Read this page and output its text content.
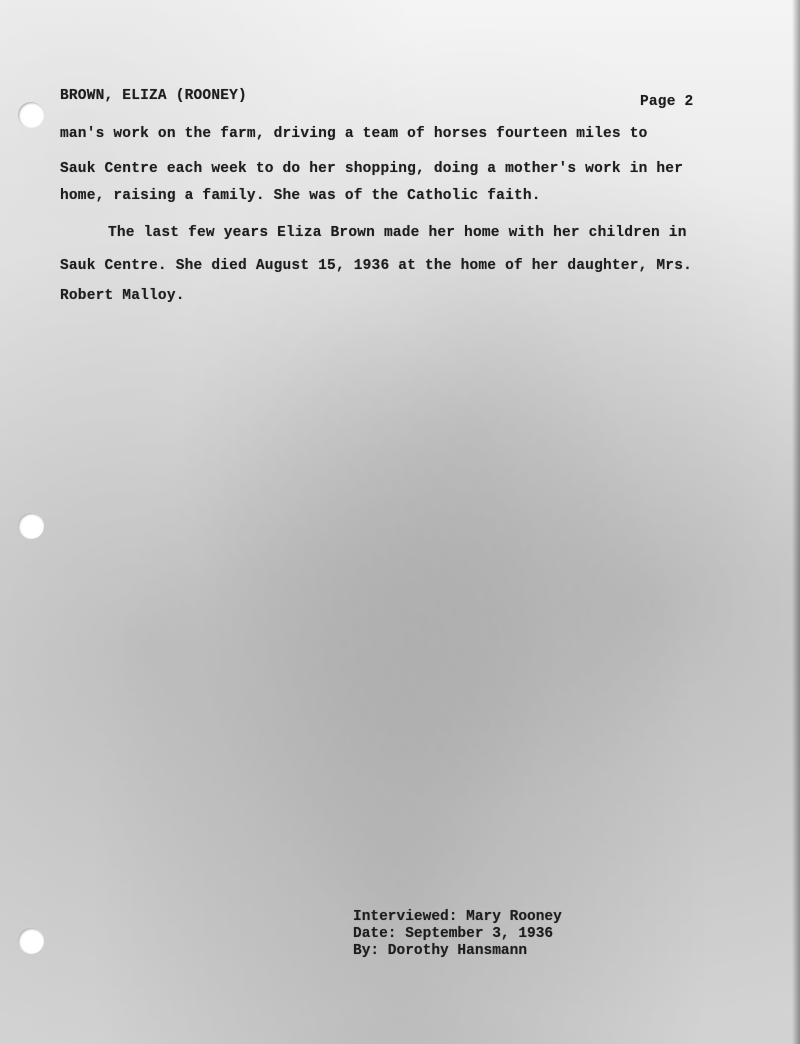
BROWN, ELIZA (ROONEY)	Page 2
man's work on the farm, driving a team of horses fourteen miles to
Sauk Centre each week to do her shopping, doing a mother's work in her
home, raising a family. She was of the Catholic faith.
The last few years Eliza Brown made her home with her children in
Sauk Centre. She died August 15, 1936 at the home of her daughter, Mrs.
Robert Malloy.
Interviewed: Mary Rooney
Date: September 3, 1936
By: Dorothy Hansmann
